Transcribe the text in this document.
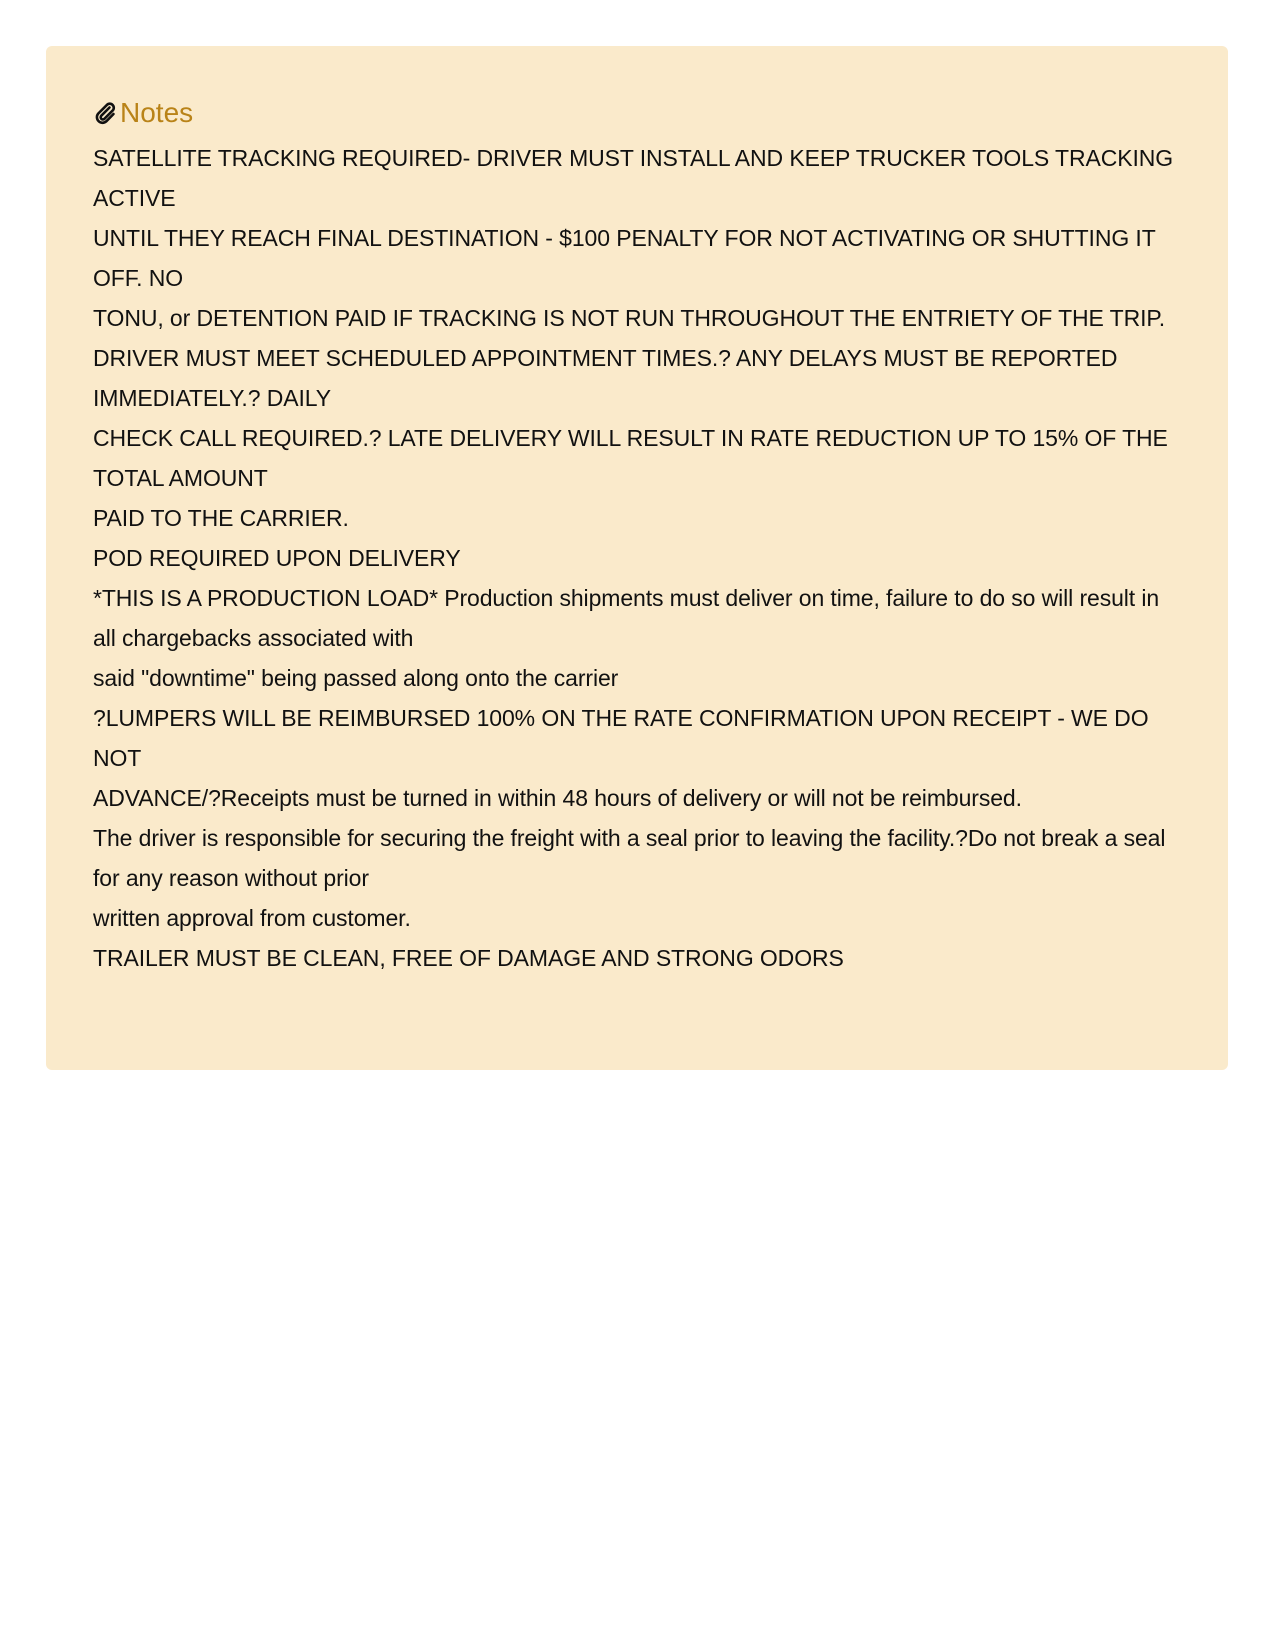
Notes
SATELLITE TRACKING REQUIRED- DRIVER MUST INSTALL AND KEEP TRUCKER TOOLS TRACKING ACTIVE
UNTIL THEY REACH FINAL DESTINATION - $100 PENALTY FOR NOT ACTIVATING OR SHUTTING IT OFF. NO
TONU, or DETENTION PAID IF TRACKING IS NOT RUN THROUGHOUT THE ENTRIETY OF THE TRIP.
DRIVER MUST MEET SCHEDULED APPOINTMENT TIMES.? ANY DELAYS MUST BE REPORTED IMMEDIATELY.? DAILY
CHECK CALL REQUIRED.? LATE DELIVERY WILL RESULT IN RATE REDUCTION UP TO 15% OF THE TOTAL AMOUNT
PAID TO THE CARRIER.
POD REQUIRED UPON DELIVERY
*THIS IS A PRODUCTION LOAD* Production shipments must deliver on time, failure to do so will result in all chargebacks associated with
said "downtime" being passed along onto the carrier
?LUMPERS WILL BE REIMBURSED 100% ON THE RATE CONFIRMATION UPON RECEIPT - WE DO NOT
ADVANCE/?Receipts must be turned in within 48 hours of delivery or will not be reimbursed.
The driver is responsible for securing the freight with a seal prior to leaving the facility.?Do not break a seal for any reason without prior
written approval from customer.
TRAILER MUST BE CLEAN, FREE OF DAMAGE AND STRONG ODORS
